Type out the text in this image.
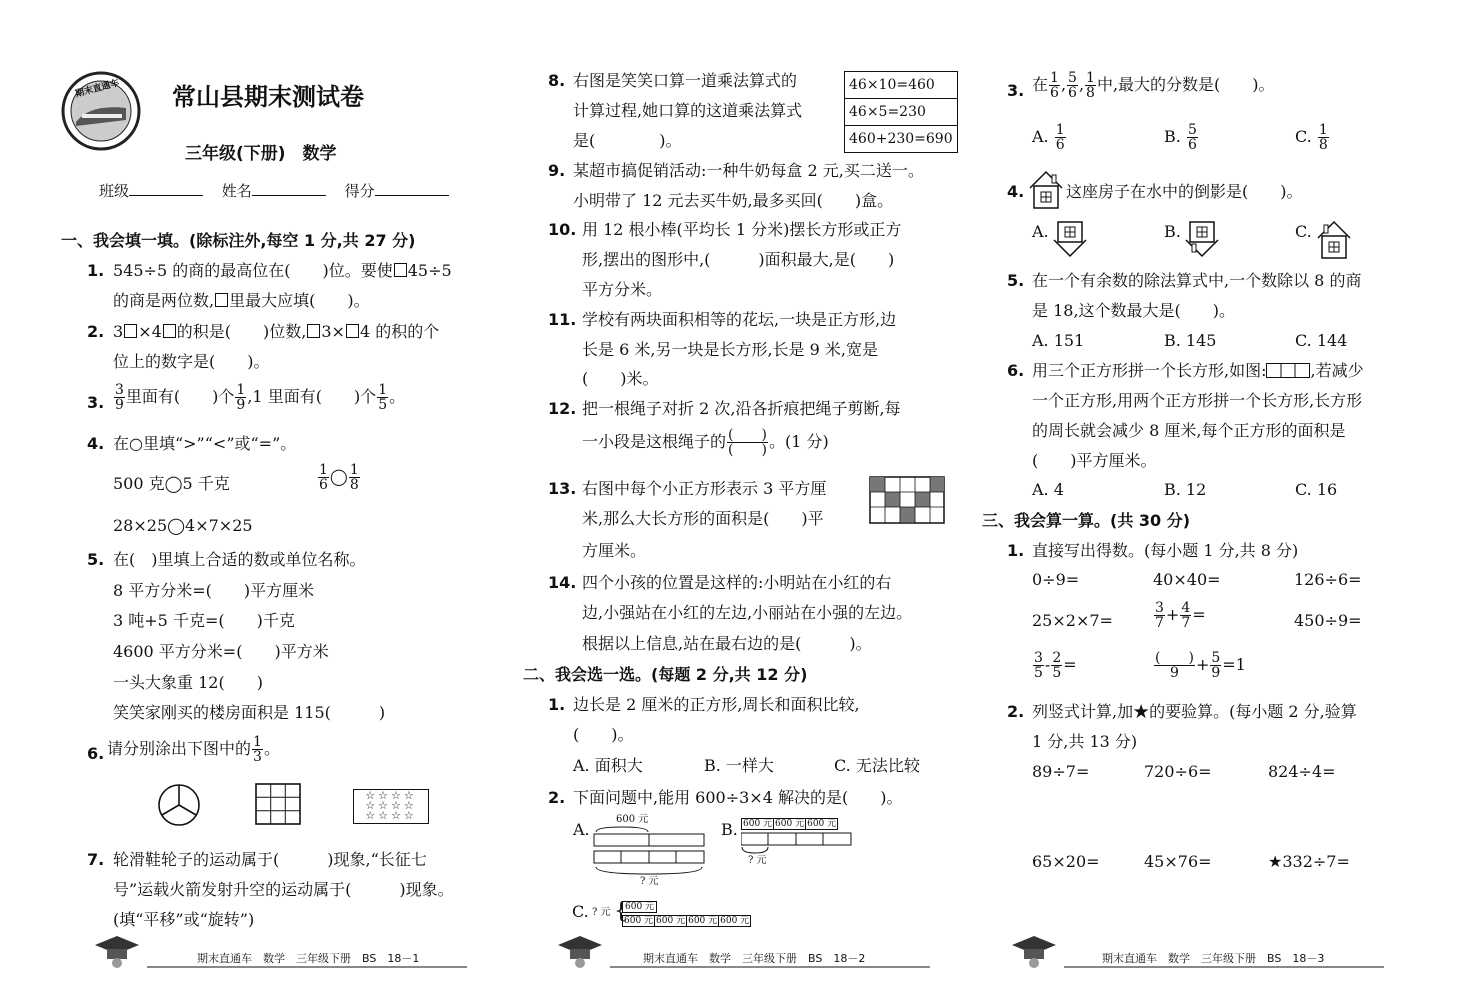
期末直通车 常山县期末测试卷
三年级(下册)　数学
班级	姓名	得分
一、我会填一填。(除标注外,每空 1 分,共 27 分)
1. 545÷5 的商的最高位在(　　)位。要使 45÷5
的商是两位数, 里最大应填(　　)。
2. 3 ×4 的积是(　　)位数, 3× 4 的积的个
位上的数字是(　　)。
3. $\frac{3}{9}$ 里面有(　　)个 $\frac{1}{9} ,1$ 里面有(　　)个 $\frac{1}{5}$ 。
4. 在○里填“>”“<”或“=”。
500 克◯5 千克	$\frac{1}{6}$ ◯ $\frac{1}{8}$
28×25◯4×7×25
5. 在(　)里填上合适的数或单位名称。
8 平方分米=(　　)平方厘米
3 吨+5 千克=(　　)千克
4600 平方分米=(　　)平方米
一头大象重 12(　　)
笑笑家刚买的楼房面积是 115(　　　)
6. 请分别涂出下图中的 $\frac{1}{3}$ 。
☆☆☆☆
☆☆☆☆
☆☆☆☆
7. 轮滑鞋轮子的运动属于(　　　)现象,“长征七
号”运载火箭发射升空的运动属于(　　　)现象。
(填“平移”或“旋转”)
期末直通车　数学　三年级下册　BS　18－1
8. 右图是笑笑口算一道乘法算式的
计算过程,她口算的这道乘法算式
是(　　　　)。
46×10=460
46×5=230
460+230=690
9. 某超市搞促销活动:一种牛奶每盒 2 元,买二送一。
小明带了 12 元去买牛奶,最多买回(　　)盒。
10. 用 12 根小棒(平均长 1 分米)摆长方形或正方
形,摆出的图形中,(　　　)面积最大,是(　　)
平方分米。
11. 学校有两块面积相等的花坛,一块是正方形,边
长是 6 米,另一块是长方形,长是 9 米,宽是
(　　)米。
12. 把一根绳子对折 2 次,沿各折痕把绳子剪断,每
一小段是这根绳子的 $\frac{( )}{( )}$ 。(1 分)
13. 右图中每个小正方形表示 3 平方厘
米,那么大长方形的面积是(　　)平
方厘米。
14. 四个小孩的位置是这样的:小明站在小红的右
边,小强站在小红的左边,小丽站在小强的左边。
根据以上信息,站在最右边的是(　　　)。
二、我会选一选。(每题 2 分,共 12 分)
1. 边长是 2 厘米的正方形,周长和面积比较,
(　　)。
A. 面积大	B. 一样大	C. 无法比较
2. 下面问题中,能用 600÷3×4 解决的是(　　)。
A.
600 元
? 元
B. 600 元 600 元 600 元
? 元
C. ? 元 {
600 元
600 元 600 元 600 元 600 元
期末直通车　数学　三年级下册　BS　18－2
3. 在 $\frac{1}{6}$ , $\frac{5}{6}$ , $\frac{1}{8}$ 中,最大的分数是(　　)。
A. $\frac{1}{6}$	B. $\frac{5}{6}$	C. $\frac{1}{8}$
4.	这座房子在水中的倒影是(　　)。
A.	B.	C.
5. 在一个有余数的除法算式中,一个数除以 8 的商
是 18,这个数最大是(　　)。
A. 151	B. 145	C. 144
6. 用三个正方形拼一个长方形,如图:	,若减少
一个正方形,用两个正方形拼一个长方形,长方形
的周长就会减少 8 厘米,每个正方形的面积是
(　　)平方厘米。
A. 4	B. 12	C. 16
三、我会算一算。(共 30 分)
1. 直接写出得数。(每小题 1 分,共 8 分)
0÷9=	40×40=	126÷6=
25×2×7=	$\frac{3}{7} + \frac{4}{7}$ =	450÷9=
$\frac{3}{5} - \frac{2}{5}$ =	$\frac{( )}{9} + \frac{5}{9} =1$
2. 列竖式计算,加★的要验算。(每小题 2 分,验算
1 分,共 13 分)
89÷7=	720÷6=	824÷4=
65×20=	45×76=	★332÷7=
期末直通车　数学　三年级下册　BS　18－3
